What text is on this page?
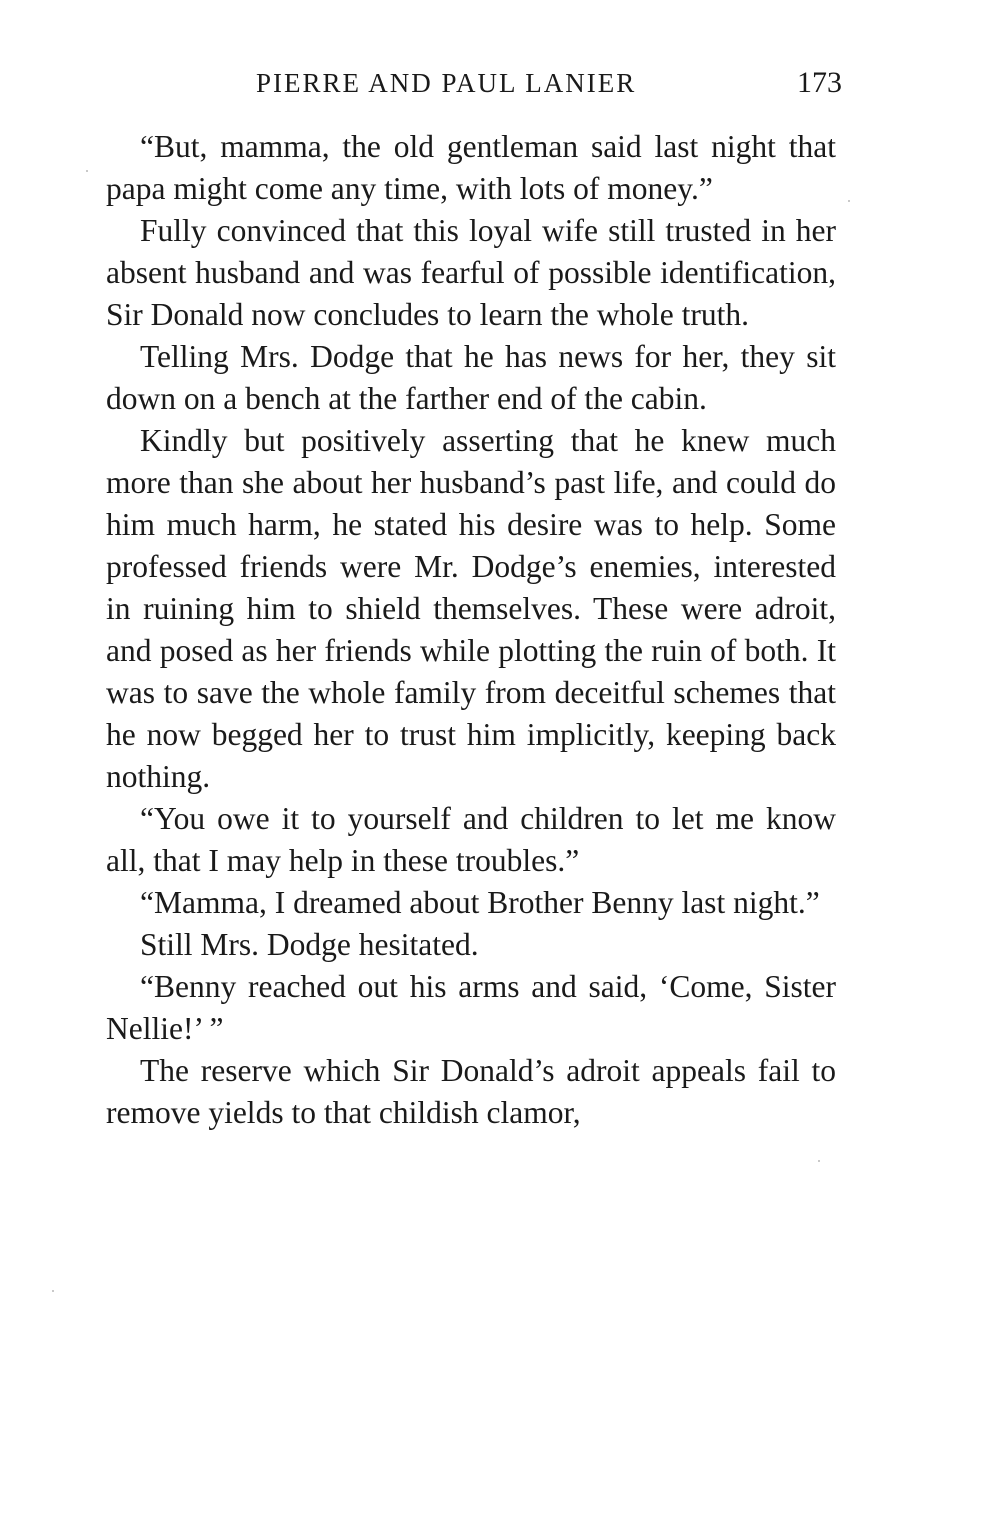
PIERRE AND PAUL LANIER	173

“But, mamma, the old gentleman said last night that papa might come any time, with lots of money.”

Fully convinced that this loyal wife still trusted in her absent husband and was fearful of possible identification, Sir Donald now concludes to learn the whole truth.

Telling Mrs. Dodge that he has news for her, they sit down on a bench at the farther end of the cabin.

Kindly but positively asserting that he knew much more than she about her husband’s past life, and could do him much harm, he stated his desire was to help. Some professed friends were Mr. Dodge’s enemies, interested in ruining him to shield themselves. These were adroit, and posed as her friends while plotting the ruin of both. It was to save the whole family from deceitful schemes that he now begged her to trust him implicitly, keeping back nothing.

“You owe it to yourself and children to let me know all, that I may help in these troubles.”

“Mamma, I dreamed about Brother Benny last night.”

Still Mrs. Dodge hesitated.

“Benny reached out his arms and said, ‘Come, Sister Nellie!’ ”

The reserve which Sir Donald’s adroit appeals fail to remove yields to that childish clamor,
